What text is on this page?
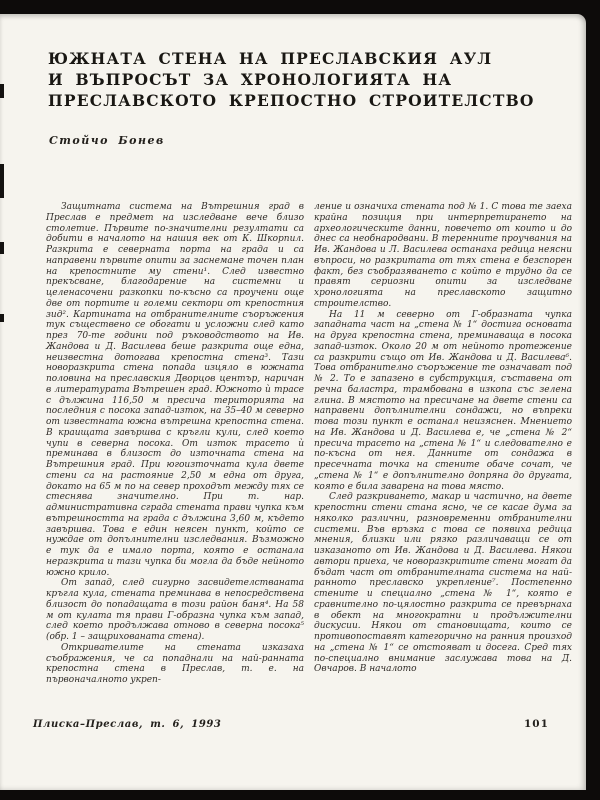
ЮЖНАТА СТЕНА НА ПРЕСЛАВСКИЯ АУЛ
И ВЪПРОСЪТ ЗА ХРОНОЛОГИЯТА НА
ПРЕСЛАВСКОТО КРЕПОСТНО СТРОИТЕЛСТВО
Стойчо Бонев

Защитната система на Вътрешния град в Преслав е предмет на изследване вече близо столетие. Първите по-значителни резултати са добити в началото на нашия век от К. Шкорпил. Разкрита е северната порта на града и са направени първите опити за заснемане точен план на крепостните му стени¹. След известно прекъсване, благодарение на системни и целенасочени разкопки по-късно са проучени още две от портите и големи сектори от крепостния зид². Картината на отбранителните съоръжения тук съществено се обогати и усложни след като през 70-те години под ръководството на Ив. Жандова и Д. Василева беше разкрита още една, неизвестна дотогава крепостна стена³. Тази новоразкрита стена попада изцяло в южната половина на преславския Дворцов център, наричан в литературата Вътрешен град. Южното ѝ трасе с дължина 116,50 м пресича територията на последния с посока запад-изток, на 35–40 м северно от известната южна вътрешна крепостна стена. В краищата завършва с кръгли кули, след което чупи в северна посока. От изток трасето ѝ преминава в близост до източната стена на Вътрешния град. При югоизточната кула двете стени са на растояние 2,50 м една от друга, докато на 65 м по на север проходът между тях се стеснява значително. При т. нар. административна сграда стената прави чупка към вътрешността на града с дължина 3,60 м, където завършва. Това е един неясен пункт, който се нуждае от допълнителни изследвания. Възможно е тук да е имало порта, която е останала неразкрита и тази чупка би могла да бъде нейното южно крило.

От запад, след сигурно засвидетелстваната кръгла кула, стената преминава в непосредствена близост до попадащата в този район баня⁴. На 58 м от кулата тя прави Г-образна чупка към запад, след което продължава отново в северна посока⁵ (обр. 1 – защрихованата стена).

Откривателите на стената изказаха съображения, че са попаднали на най-ранната крепостна стена в Преслав, т. е. на първоначалното укреп-

ление и означиха стената под № 1. С това те заеха крайна позиция при интерпретирането на археологическите данни, повечето от които и до днес са необнародвани. В теренните проучвания на Ив. Жандова и Л. Василева останаха редица неясни въпроси, но разкритата от тях стена е безспорен факт, без съобразяването с който е трудно да се правят сериозни опити за изследване хронологията на преславското защитно строителство.

На 11 м северно от Г-образната чупка западната част на „стена № 1“ достига основата на друга крепостна стена, преминаваща в посока запад-изток. Около 20 м от нейното протежение са разкрити също от Ив. Жандова и Д. Василева⁶. Това отбранително съоръжение те означават под № 2. То е запазено в субструкция, съставена от речна баластра, трамбована в изкопа със зелена глина. В мястото на пресичане на двете стени са направени допълнителни сондажи, но въпреки това този пункт е останал неизяснен. Мнението на Ив. Жандова и Д. Василева е, че „стена № 2“ пресича трасето на „стена № 1“ и следователно е по-късна от нея. Данните от сондажа в пресечната точка на стените обаче сочат, че „стена № 1“ е допълнително допряна до другата, която е била заварена на това място.

След разкриването, макар и частично, на двете крепостни стени стана ясно, че се касае дума за няколко различни, разновременни отбранителни системи. Във връзка с това се появиха редица мнения, близки или рязко различаващи се от изказаното от Ив. Жандова и Д. Василева. Някои автори приеха, че новоразкритите стени могат да бъдат част от отбранителната система на най-ранното преславско укрепление⁷. Постепенно стените и специално „стена № 1“, която е сравнително по-цялостно разкрита се превърнаха в обект на многократни и продължителни дискусии. Някои от становищата, които се противопоставят категорично на ранния произход на „стена № 1“ се отстояват и досега. Сред тях по-специално внимание заслужава това на Д. Овчаров. В началото

Плиска–Преслав, т. 6, 1993	101
